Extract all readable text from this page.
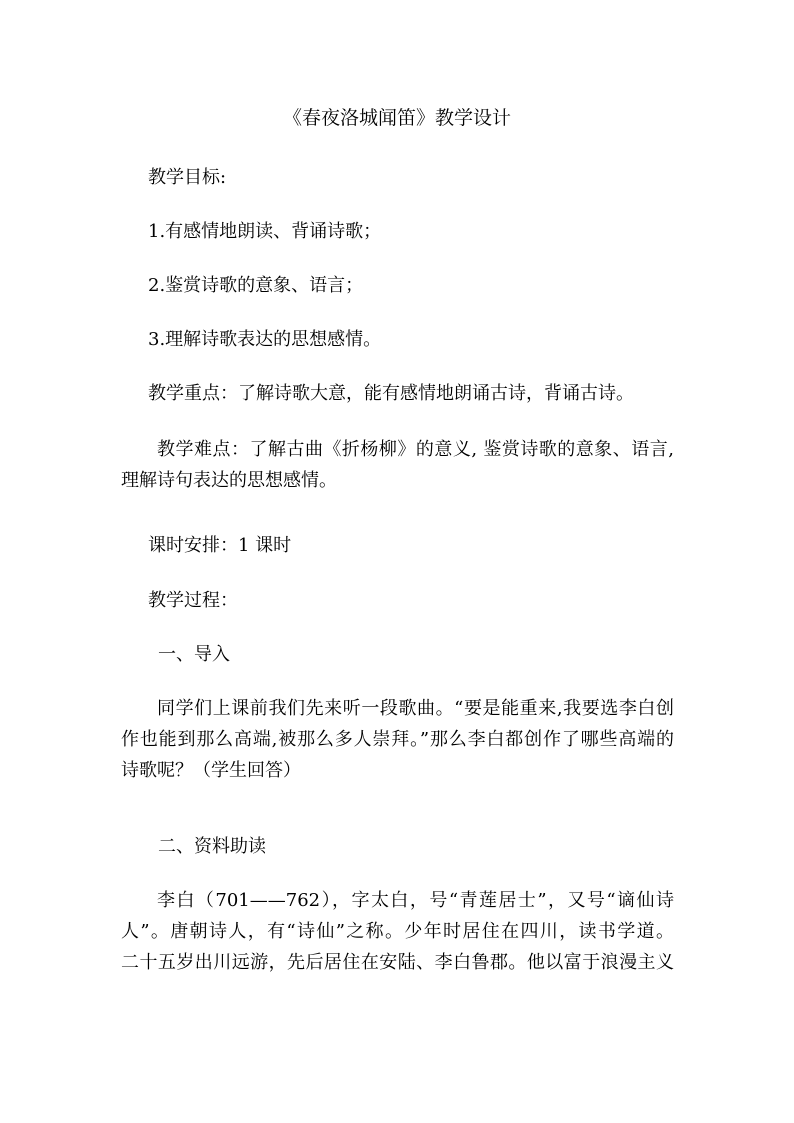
《春夜洛城闻笛》教学设计
教学目标:
1.有感情地朗读、背诵诗歌；
2.鉴赏诗歌的意象、语言；
3.理解诗歌表达的思想感情。
教学重点：了解诗歌大意，能有感情地朗诵古诗，背诵古诗。

教学难点：了解古曲《折杨柳》的意义, 鉴赏诗歌的意象、语言,

理解诗句表达的思想感情。

课时安排：1 课时
教学过程：
一、导入

同学们上课前我们先来听一段歌曲。“要是能重来,我要选李白创

作也能到那么高端,被那么多人崇拜。”那么李白都创作了哪些高端的

诗歌呢？（学生回答）

二、资料助读

李白（701——762），字太白，号“青莲居士”，又号“谪仙诗

人”。唐朝诗人，有“诗仙”之称。少年时居住在四川，读书学道。

二十五岁出川远游，先后居住在安陆、李白鲁郡。他以富于浪漫主义
